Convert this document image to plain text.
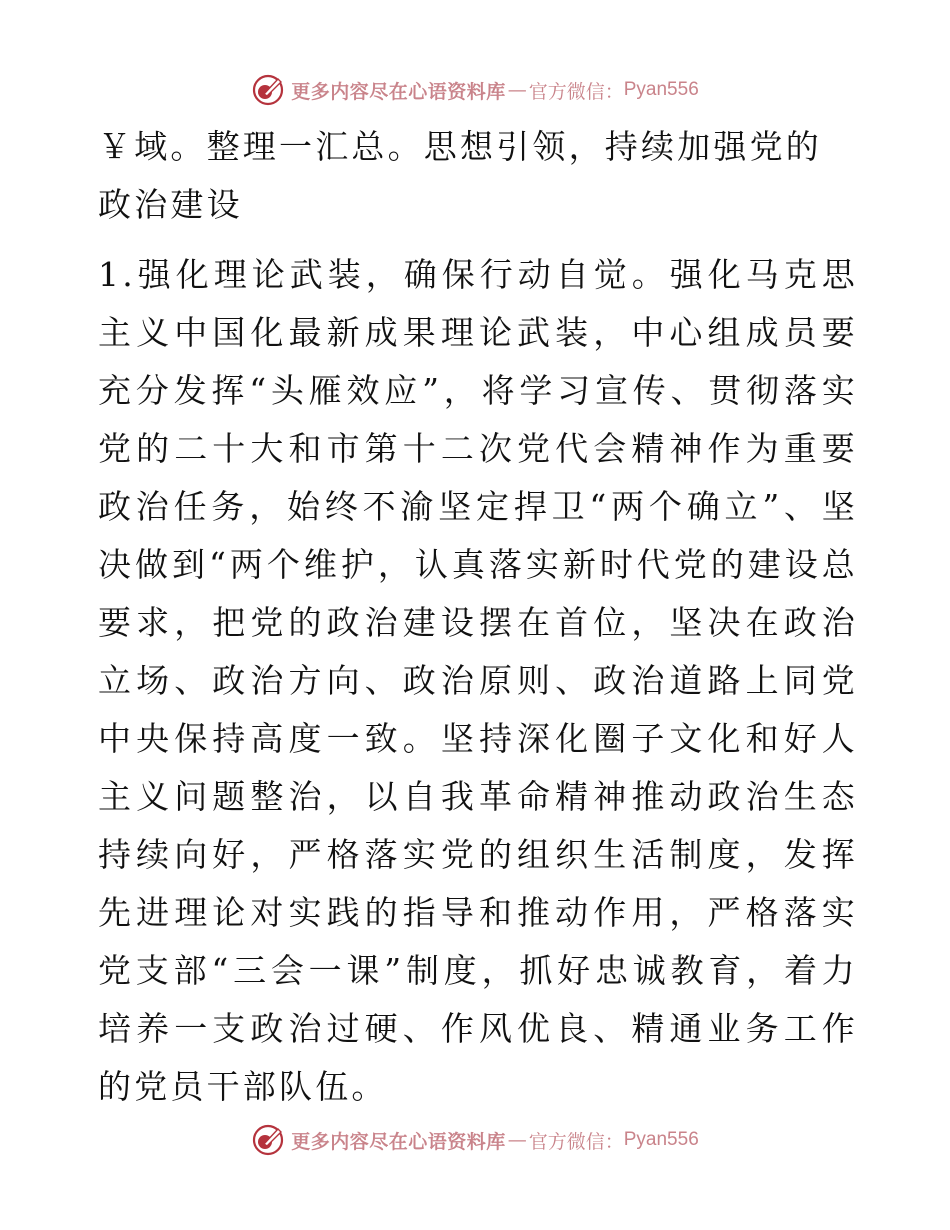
更多内容尽在心语资料库 — 官方微信： Pyan556

￥域。整理一汇总。思想引领，持续加强党的政治建设

1.强化理论武装，确保行动自觉。强化马克思主义中国化最新成果理论武装，中心组成员要充分发挥“头雁效应”，将学习宣传、贯彻落实党的二十大和市第十二次党代会精神作为重要政治任务，始终不渝坚定捍卫“两个确立”、坚决做到“两个维护，认真落实新时代党的建设总要求，把党的政治建设摆在首位，坚决在政治立场、政治方向、政治原则、政治道路上同党中央保持高度一致。坚持深化圈子文化和好人主义问题整治，以自我革命精神推动政治生态持续向好，严格落实党的组织生活制度，发挥先进理论对实践的指导和推动作用，严格落实党支部“三会一课”制度，抓好忠诚教育，着力培养一支政治过硬、作风优良、精通业务工作的党员干部队伍。

更多内容尽在心语资料库 — 官方微信： Pyan556
